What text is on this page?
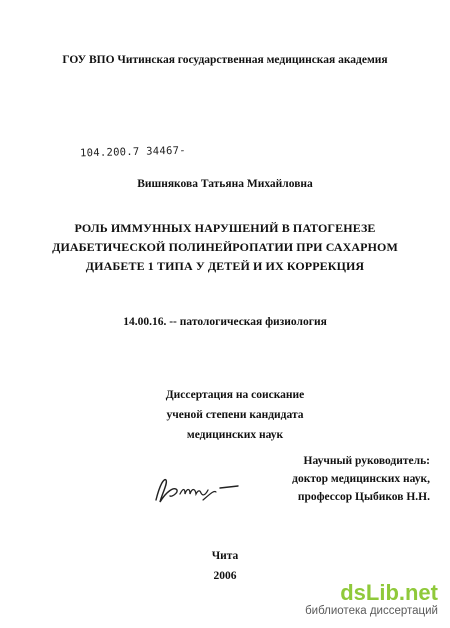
ГОУ ВПО Читинская государственная медицинская академия
104.200.7 34467-
Вишнякова Татьяна Михайловна
РОЛЬ ИММУННЫХ НАРУШЕНИЙ В ПАТОГЕНЕЗЕ
ДИАБЕТИЧЕСКОЙ ПОЛИНЕЙРОПАТИИ ПРИ САХАРНОМ
ДИАБЕТЕ 1 ТИПА У ДЕТЕЙ И ИХ КОРРЕКЦИЯ
14.00.16. -- патологическая физиология
Диссертация на соискание
ученой степени кандидата
медицинских наук
Научный руководитель:
доктор медицинских наук,
профессор Цыбиков Н.Н.
Чита
2006
dsLib.net
библиотека диссертаций
